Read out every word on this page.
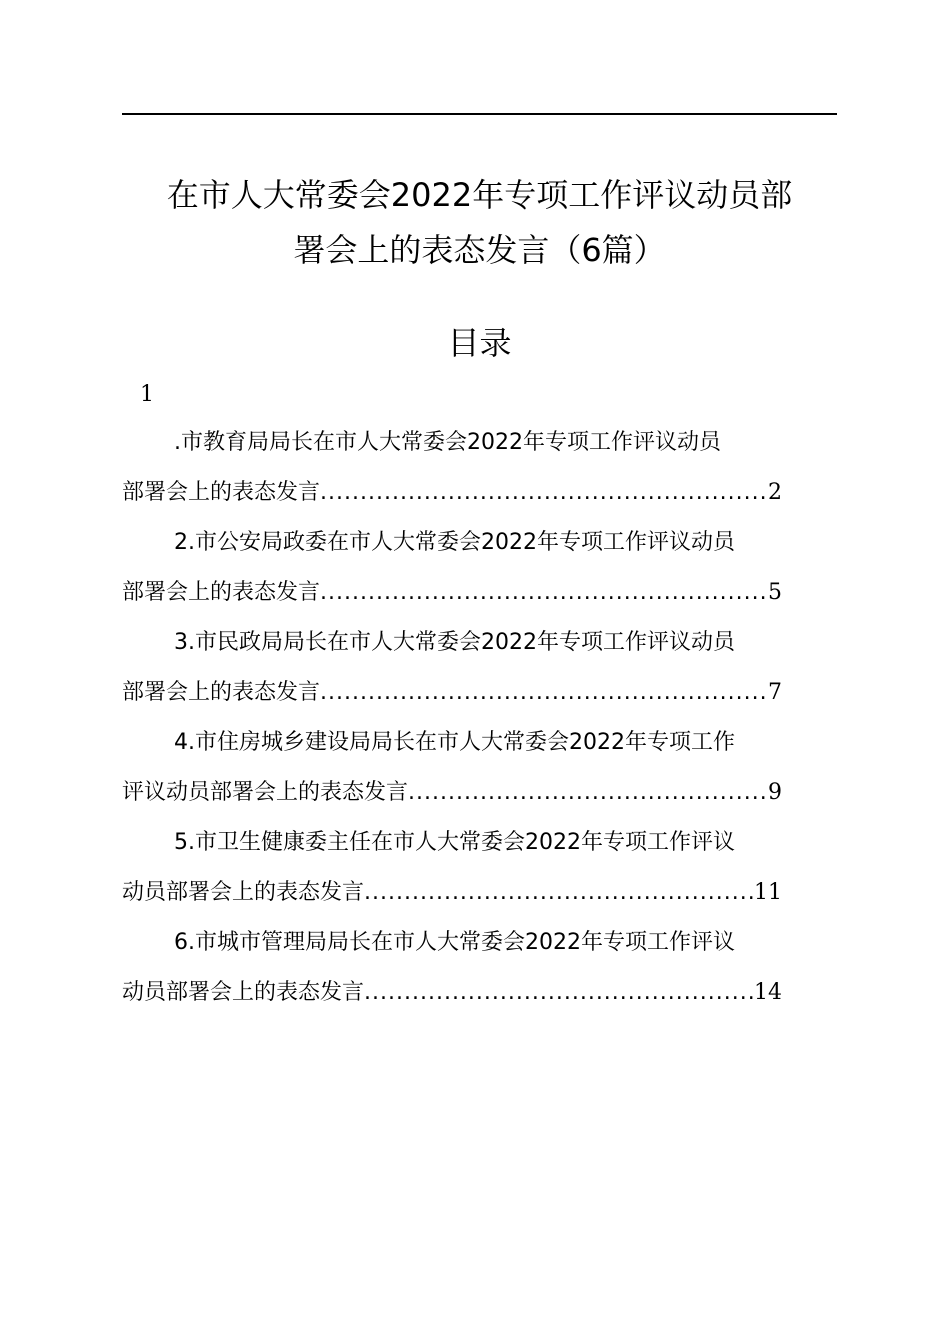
在市人大常委会2022年专项工作评议动员部
署会上的表态发言（6篇）
目录
1
.市教育局局长在市人大常委会2022年专项工作评议动员
部署会上的表态发言 .....	2
2.市公安局政委在市人大常委会2022年专项工作评议动员
部署会上的表态发言 .....	5
3.市民政局局长在市人大常委会2022年专项工作评议动员
部署会上的表态发言 .....	7
4.市住房城乡建设局局长在市人大常委会2022年专项工作
评议动员部署会上的表态发言 .....	9
5.市卫生健康委主任在市人大常委会2022年专项工作评议
动员部署会上的表态发言 .....	11
6.市城市管理局局长在市人大常委会2022年专项工作评议
动员部署会上的表态发言 .....	14
